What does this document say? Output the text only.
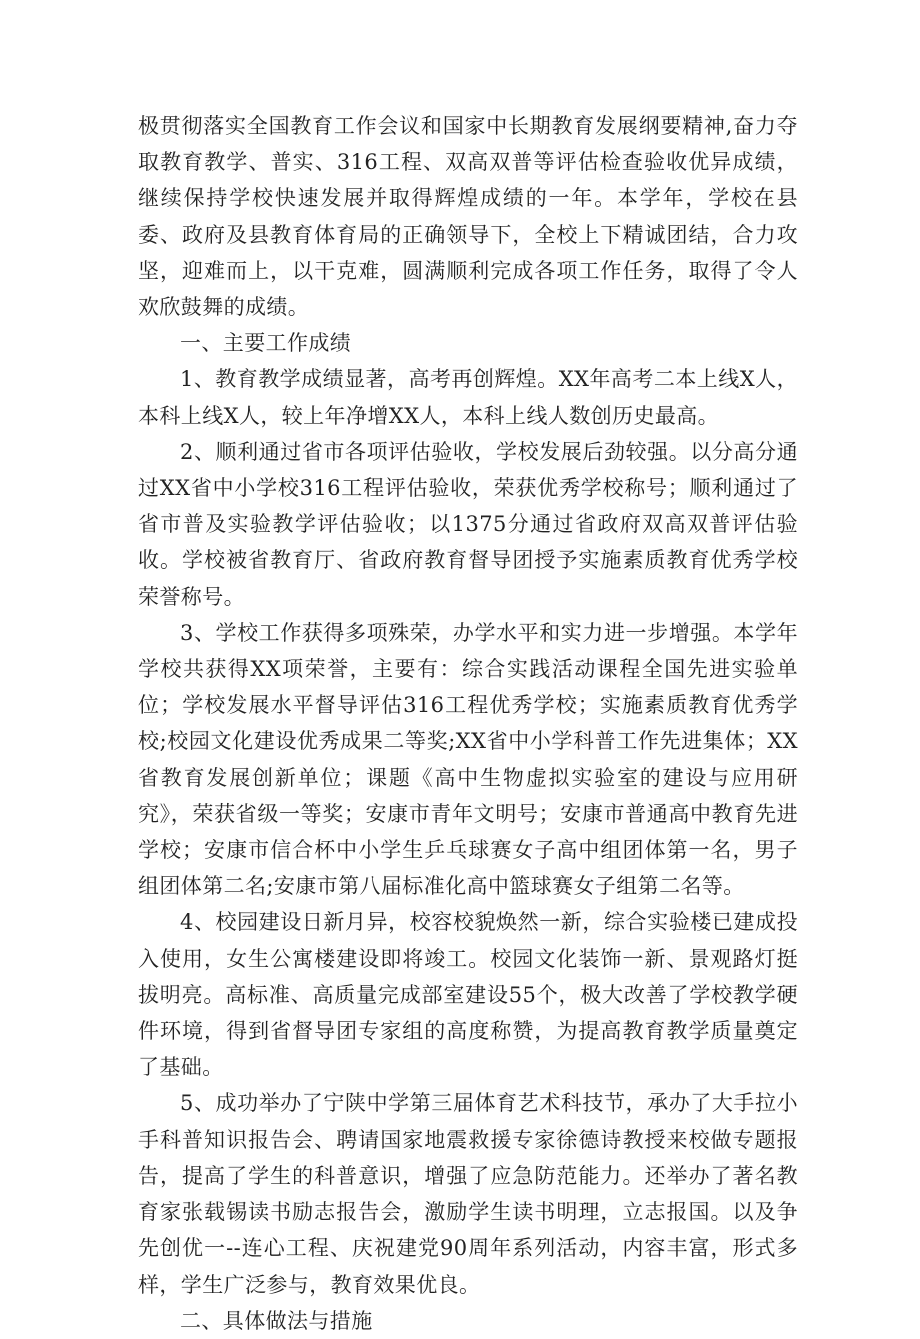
极贯彻落实全国教育工作会议和国家中长期教育发展纲要精神,奋力夺取教育教学、普实、316工程、双高双普等评估检查验收优异成绩，继续保持学校快速发展并取得辉煌成绩的一年。本学年，学校在县委、政府及县教育体育局的正确领导下，全校上下精诚团结，合力攻坚，迎难而上，以干克难，圆满顺利完成各项工作任务，取得了令人欢欣鼓舞的成绩。

一、主要工作成绩

1、教育教学成绩显著，高考再创辉煌。XX年高考二本上线X人，本科上线X人，较上年净增XX人，本科上线人数创历史最高。

2、顺利通过省市各项评估验收，学校发展后劲较强。以分高分通过XX省中小学校316工程评估验收，荣获优秀学校称号；顺利通过了省市普及实验教学评估验收；以1375分通过省政府双高双普评估验收。学校被省教育厅、省政府教育督导团授予实施素质教育优秀学校荣誉称号。

3、学校工作获得多项殊荣，办学水平和实力进一步增强。本学年学校共获得XX项荣誉，主要有：综合实践活动课程全国先进实验单位；学校发展水平督导评估316工程优秀学校；实施素质教育优秀学校;校园文化建设优秀成果二等奖;XX省中小学科普工作先进集体；XX省教育发展创新单位；课题《高中生物虚拟实验室的建设与应用研究》，荣获省级一等奖；安康市青年文明号；安康市普通高中教育先进学校；安康市信合杯中小学生乒乓球赛女子高中组团体第一名，男子组团体第二名;安康市第八届标准化高中篮球赛女子组第二名等。

4、校园建设日新月异，校容校貌焕然一新，综合实验楼已建成投入使用，女生公寓楼建设即将竣工。校园文化装饰一新、景观路灯挺拔明亮。高标准、高质量完成部室建设55个，极大改善了学校教学硬件环境，得到省督导团专家组的高度称赞，为提高教育教学质量奠定了基础。

5、成功举办了宁陕中学第三届体育艺术科技节，承办了大手拉小手科普知识报告会、聘请国家地震救援专家徐德诗教授来校做专题报告，提高了学生的科普意识，增强了应急防范能力。还举办了著名教育家张载锡读书励志报告会，激励学生读书明理，立志报国。以及争先创优一--连心工程、庆祝建党90周年系列活动，内容丰富，形式多样，学生广泛参与，教育效果优良。

二、具体做法与措施
